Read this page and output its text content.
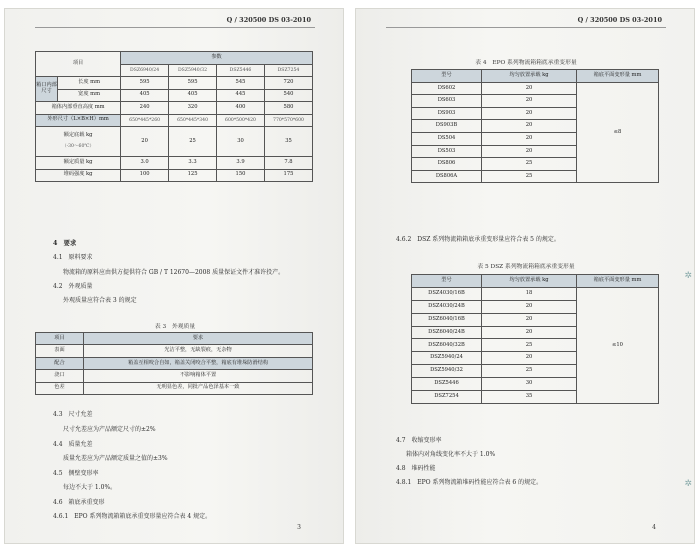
Q / 320500 DS 03-2010
项目		参数			
		DSZ6940/24	DSZ5940/32	DSZ5446	DSZ7254
箱口内部
尺寸	长度 mm	595	595	545	720
	宽度 mm	405	405	445	540
箱体内部垂直高度 mm		240	320	400	580
外形尺寸（L×B×H）mm		650*445*260	650*445*340	600*500*420	770*570*600
额定底载 kg

（-30～60℃）		20	25	30	35
额定质量 kg		3.0	3.3	3.9	7.8
堆码强度 kg		100	125	150	175
4　要求
4.1　原料要求
物流箱的原料应由供方提供符合 GB / T 12670—2008 质量保证文件才准许投产。
4.2　外观质量
外观质量应符合表 3 的规定
表 3　外观质量
项目	要求
表面	光洁平整，无缺裂痕，无杂物
配合	箱盖互相咬合自如，箱盖关闭咬合平整，箱底有堆垛防滑结构
浇口	不影响箱体平置
色差	无明显色差，同批产品色泽基本一致
4.3　尺寸允差
尺寸允差应为产品额定尺寸的±2%
4.4　质量允差
质量允差应为产品额定质量之值的±3%
4.5　侧壁变形率
每边不大于 1.0%。
4.6　箱底承重变形
4.6.1　EPO 系列物流箱箱底承重变形量应符合表 4 规定。
3
Q / 320500 DS 03-2010
表 4　EPO 系列物流箱箱底承重变形量
型号	均匀放置承载 kg	箱底平面变形量 mm
DS602	20	≤8
DS603	20	
DS903	20	
DS903B	20	
DS504	20	
DS503	20	
DS806	25	
DS806A	25	
4.6.2　DSZ 系列物流箱箱底承重变形量应符合表 5 的规定。
表 5 DSZ 系列物流箱箱底承重变形量
型号	均匀放置承载 kg	箱底平面变形量 mm
DSZ4030/16B	18	≤10
DSZ4030/24B	20	
DSZ6040/16B	20	
DSZ6040/24B	20	
DSZ6040/32B	25	
DSZ5940/24	20	
DSZ5940/32	25	
DSZ5446	30	
DSZ7254	35	
4.7　收缩变形率
箱体内对角线变化率不大于 1.0%
4.8　堆码性能
4.8.1　EPO 系列物流箱堆码性能应符合表 6 的规定。
4
✲
✲
